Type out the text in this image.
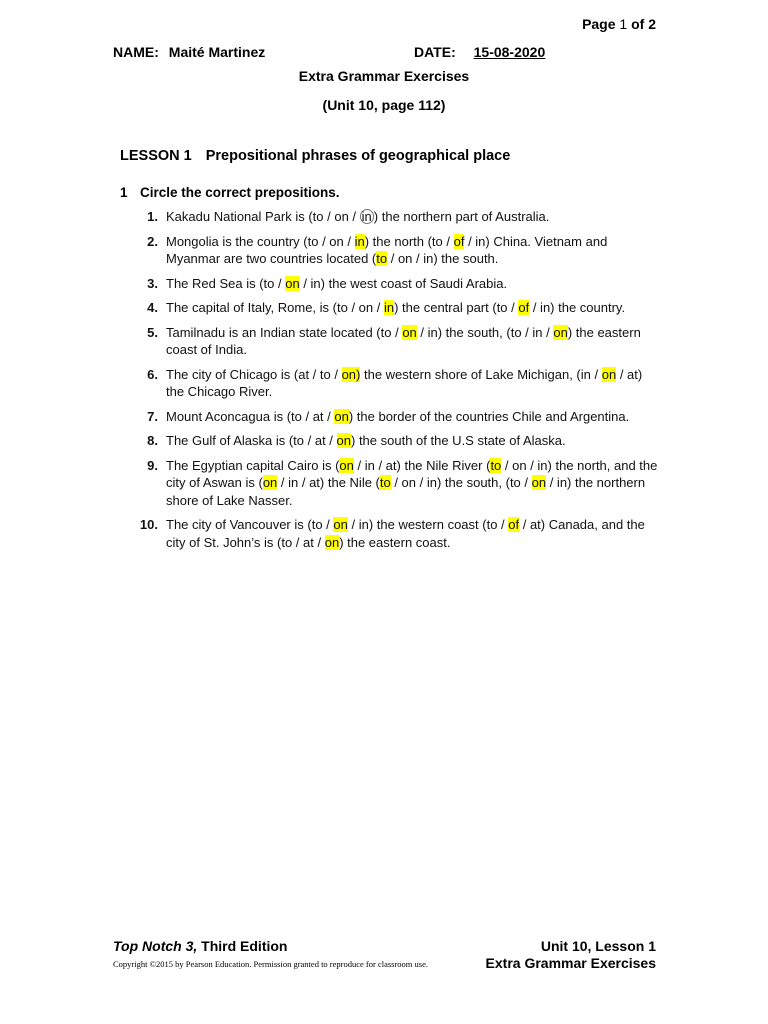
Page 1 of 2
NAME: Maité Martinez	DATE: 15-08-2020
Extra Grammar Exercises
(Unit 10, page 112)
LESSON 1 Prepositional phrases of geographical place
1 Circle the correct prepositions.
1. Kakadu National Park is (to / on / in ) the northern part of Australia.
2. Mongolia is the country (to / on / in) the north (to / of / in) China. Vietnam and Myanmar are two countries located (to / on / in) the south.
3. The Red Sea is (to / on / in) the west coast of Saudi Arabia.
4. The capital of Italy, Rome, is (to / on / in) the central part (to / of / in) the country.
5. Tamilnadu is an Indian state located (to / on / in) the south, (to / in / on) the eastern coast of India.
6. The city of Chicago is (at / to / on) the western shore of Lake Michigan, (in / on / at) the Chicago River.
7. Mount Aconcagua is (to / at / on) the border of the countries Chile and Argentina.
8. The Gulf of Alaska is (to / at / on) the south of the U.S state of Alaska.
9. The Egyptian capital Cairo is (on / in / at) the Nile River (to / on / in) the north, and the city of Aswan is (on / in / at) the Nile (to / on / in) the south, (to / on / in) the northern shore of Lake Nasser.
10. The city of Vancouver is (to / on / in) the western coast (to / of / at) Canada, and the city of St. John’s is (to / at / on) the eastern coast.
Top Notch 3, Third Edition	Unit 10, Lesson 1
Copyright ©2015 by Pearson Education. Permission granted to reproduce for classroom use.	Extra Grammar Exercises
